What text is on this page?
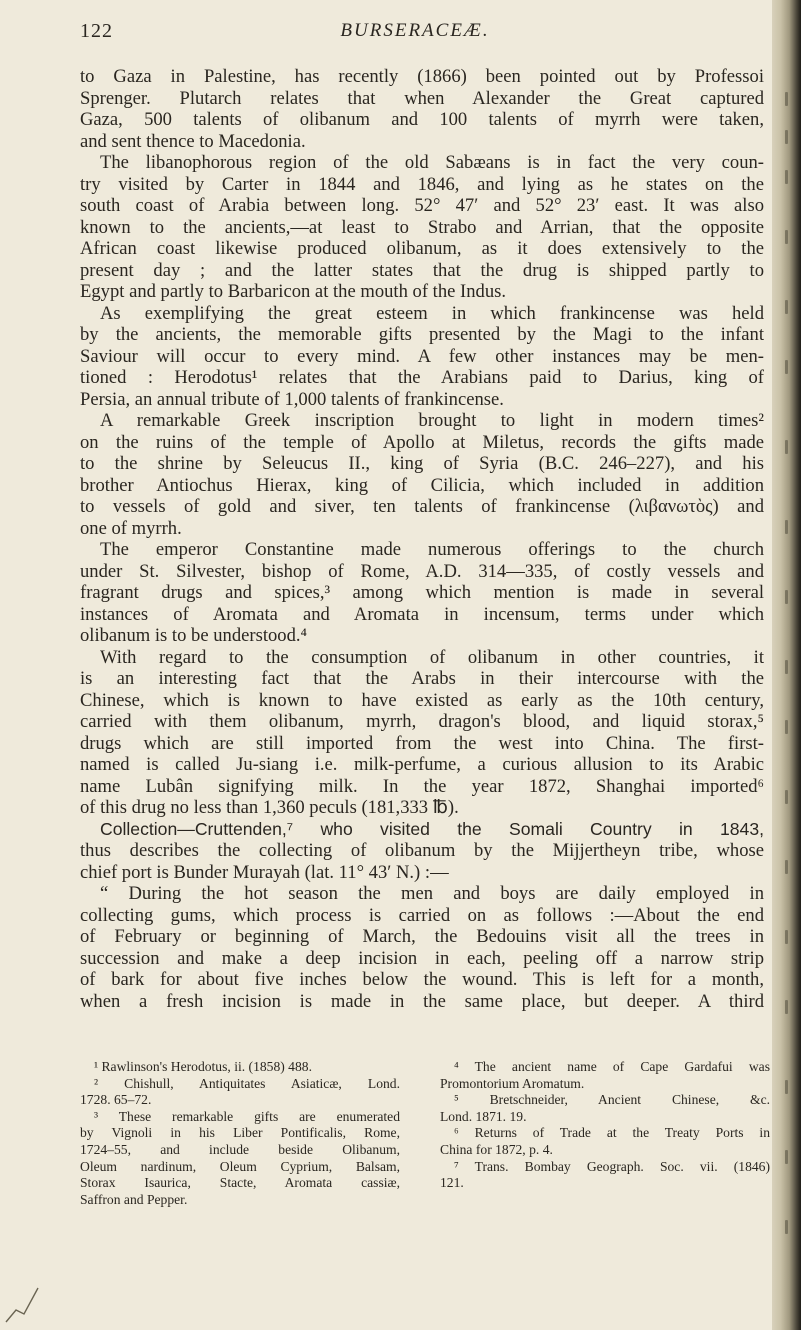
122	BURSERACEÆ.
to Gaza in Palestine, has recently (1866) been pointed out by Professoi
Sprenger. Plutarch relates that when Alexander the Great captured
Gaza, 500 talents of olibanum and 100 talents of myrrh were taken,
and sent thence to Macedonia.
The libanophorous region of the old Sabæans is in fact the very coun-
try visited by Carter in 1844 and 1846, and lying as he states on the
south coast of Arabia between long. 52° 47′ and 52° 23′ east. It was also
known to the ancients,—at least to Strabo and Arrian, that the opposite
African coast likewise produced olibanum, as it does extensively to the
present day ; and the latter states that the drug is shipped partly to
Egypt and partly to Barbaricon at the mouth of the Indus.
As exemplifying the great esteem in which frankincense was held
by the ancients, the memorable gifts presented by the Magi to the infant
Saviour will occur to every mind. A few other instances may be men-
tioned : Herodotus¹ relates that the Arabians paid to Darius, king of
Persia, an annual tribute of 1,000 talents of frankincense.
A remarkable Greek inscription brought to light in modern times²
on the ruins of the temple of Apollo at Miletus, records the gifts made
to the shrine by Seleucus II., king of Syria (B.C. 246–227), and his
brother Antiochus Hierax, king of Cilicia, which included in addition
to vessels of gold and siver, ten talents of frankincense (λιβανωτὸς) and
one of myrrh.
The emperor Constantine made numerous offerings to the church
under St. Silvester, bishop of Rome, A.D. 314—335, of costly vessels and
fragrant drugs and spices,³ among which mention is made in several
instances of Aromata and Aromata in incensum, terms under which
olibanum is to be understood.⁴
With regard to the consumption of olibanum in other countries, it
is an interesting fact that the Arabs in their intercourse with the
Chinese, which is known to have existed as early as the 10th century,
carried with them olibanum, myrrh, dragon's blood, and liquid storax,⁵
drugs which are still imported from the west into China. The first-
named is called Ju-siang i.e. milk-perfume, a curious allusion to its Arabic
name Lubân signifying milk. In the year 1872, Shanghai imported⁶
of this drug no less than 1,360 peculs (181,333 ℔).
Collection—Cruttenden,⁷ who visited the Somali Country in 1843,
thus describes the collecting of olibanum by the Mijjertheyn tribe, whose
chief port is Bunder Murayah (lat. 11° 43′ N.) :—
“ During the hot season the men and boys are daily employed in
collecting gums, which process is carried on as follows :—About the end
of February or beginning of March, the Bedouins visit all the trees in
succession and make a deep incision in each, peeling off a narrow strip
of bark for about five inches below the wound. This is left for a month,
when a fresh incision is made in the same place, but deeper. A third
¹ Rawlinson's Herodotus, ii. (1858) 488.
² Chishull, Antiquitates Asiaticæ, Lond.
1728. 65–72.
³ These remarkable gifts are enumerated
by Vignoli in his Liber Pontificalis, Rome,
1724–55, and include beside Olibanum,
Oleum nardinum, Oleum Cyprium, Balsam,
Storax Isaurica, Stacte, Aromata cassiæ,
Saffron and Pepper.
⁴ The ancient name of Cape Gardafui was
Promontorium Aromatum.
⁵ Bretschneider, Ancient Chinese, &c.
Lond. 1871. 19.
⁶ Returns of Trade at the Treaty Ports in
China for 1872, p. 4.
⁷ Trans. Bombay Geograph. Soc. vii. (1846)
121.
